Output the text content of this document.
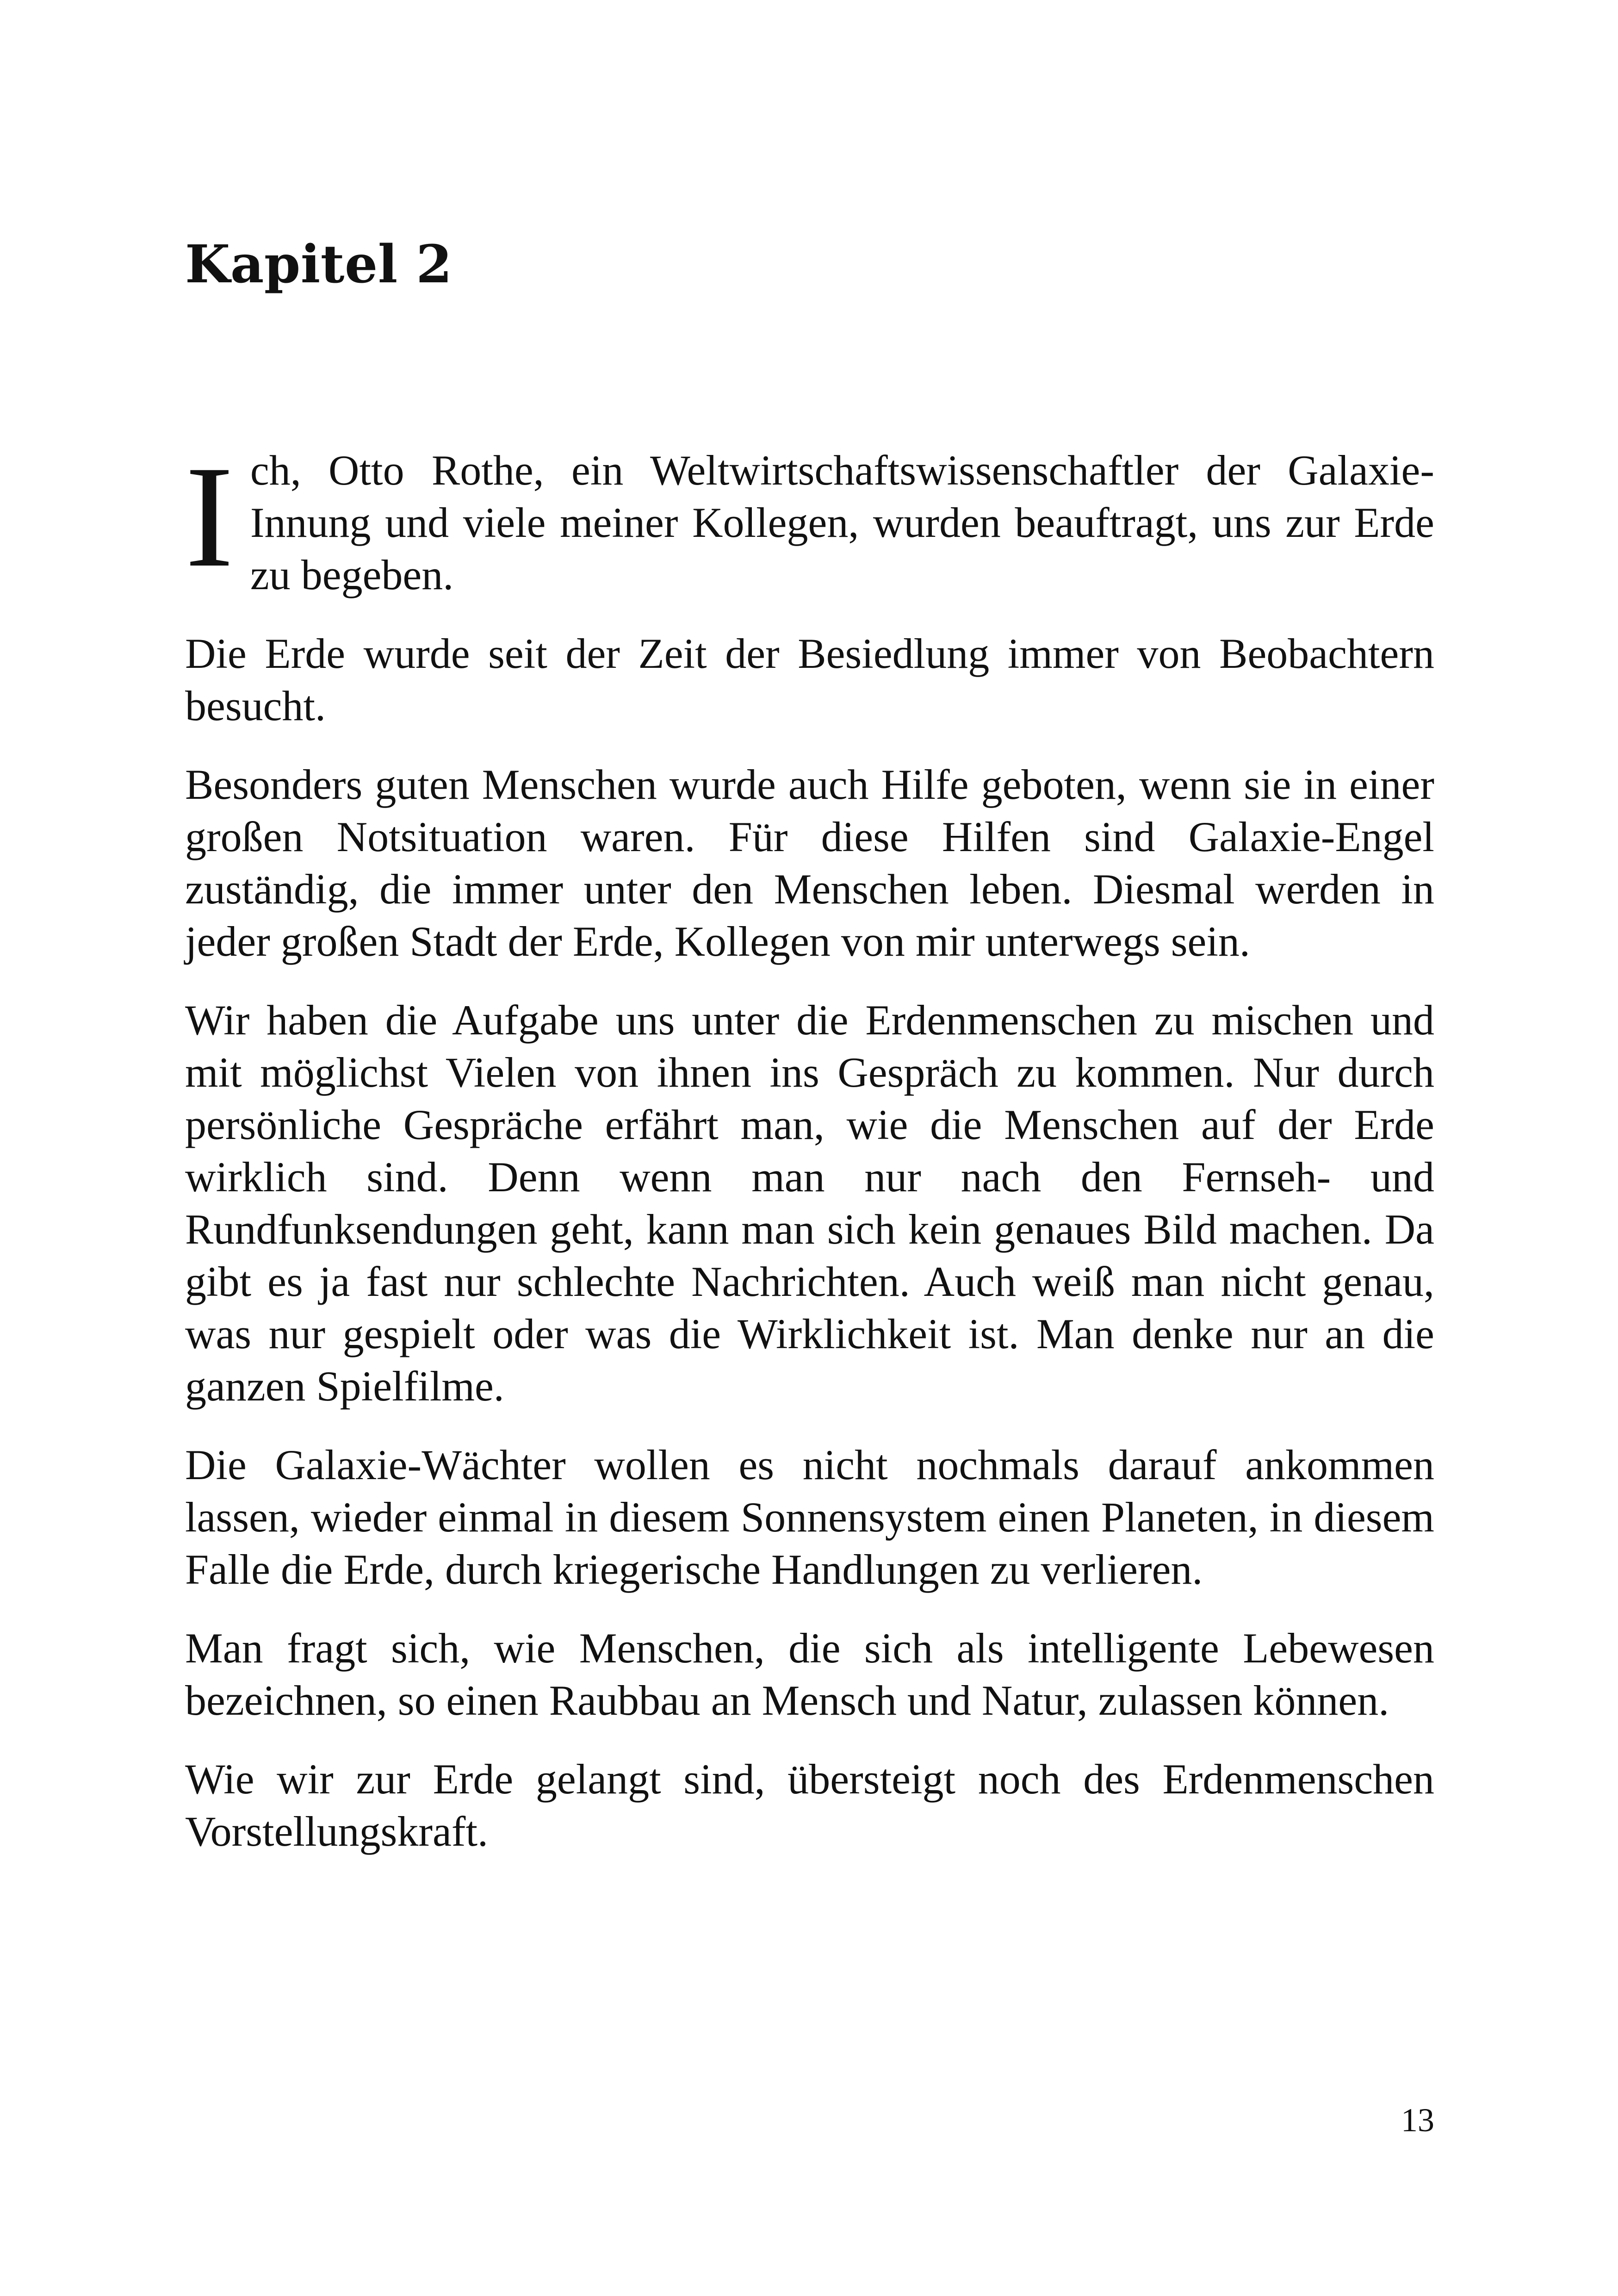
Kapitel 2

I ch, Otto Rothe, ein Weltwirtschaftswissenschaftler der Galaxie-Innung und viele meiner Kollegen, wurden beauftragt, uns zur Erde zu begeben.

Die Erde wurde seit der Zeit der Besiedlung immer von Beobachtern besucht.

Besonders guten Menschen wurde auch Hilfe geboten, wenn sie in einer großen Notsituation waren. Für diese Hilfen sind Galaxie-Engel zuständig, die immer unter den Menschen leben. Diesmal werden in jeder großen Stadt der Erde, Kollegen von mir unterwegs sein.

Wir haben die Aufgabe uns unter die Erdenmenschen zu mischen und mit möglichst Vielen von ihnen ins Gespräch zu kommen. Nur durch persönliche Gespräche erfährt man, wie die Menschen auf der Erde wirklich sind. Denn wenn man nur nach den Fernseh- und Rundfunksendungen geht, kann man sich kein genaues Bild machen. Da gibt es ja fast nur schlechte Nachrichten. Auch weiß man nicht genau, was nur gespielt oder was die Wirklichkeit ist. Man denke nur an die ganzen Spielfilme.

Die Galaxie-Wächter wollen es nicht nochmals darauf ankommen lassen, wieder einmal in diesem Sonnensystem einen Planeten, in diesem Falle die Erde, durch kriegerische Handlungen zu verlieren.

Man fragt sich, wie Menschen, die sich als intelligente Lebewesen bezeichnen, so einen Raubbau an Mensch und Natur, zulassen können.

Wie wir zur Erde gelangt sind, übersteigt noch des Erdenmenschen Vorstellungskraft.

13
